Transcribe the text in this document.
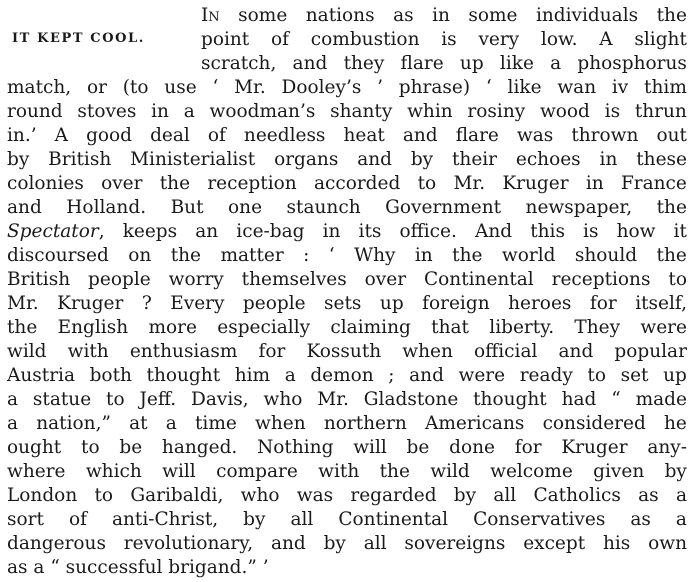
IT KEPT COOL.
In some nations as in some individuals the
point of combustion is very low. A slight
scratch, and they flare up like a phosphorus
match, or (to use ‘ Mr. Dooley’s ’ phrase) ‘ like wan iv thim
round stoves in a woodman’s shanty whin rosiny wood is thrun
in.’ A good deal of needless heat and flare was thrown out
by British Ministerialist organs and by their echoes in these
colonies over the reception accorded to Mr. Kruger in France
and Holland. But one staunch Government newspaper, the
Spectator, keeps an ice-bag in its office. And this is how it
discoursed on the matter : ‘ Why in the world should the
British people worry themselves over Continental receptions to
Mr. Kruger ? Every people sets up foreign heroes for itself,
the English more especially claiming that liberty. They were
wild with enthusiasm for Kossuth when official and popular
Austria both thought him a demon ; and were ready to set up
a statue to Jeff. Davis, who Mr. Gladstone thought had “ made
a nation,” at a time when northern Americans considered he
ought to be hanged. Nothing will be done for Kruger any-
where which will compare with the wild welcome given by
London to Garibaldi, who was regarded by all Catholics as a
sort of anti-Christ, by all Continental Conservatives as a
dangerous revolutionary, and by all sovereigns except his own
as a “ successful brigand.” ’
